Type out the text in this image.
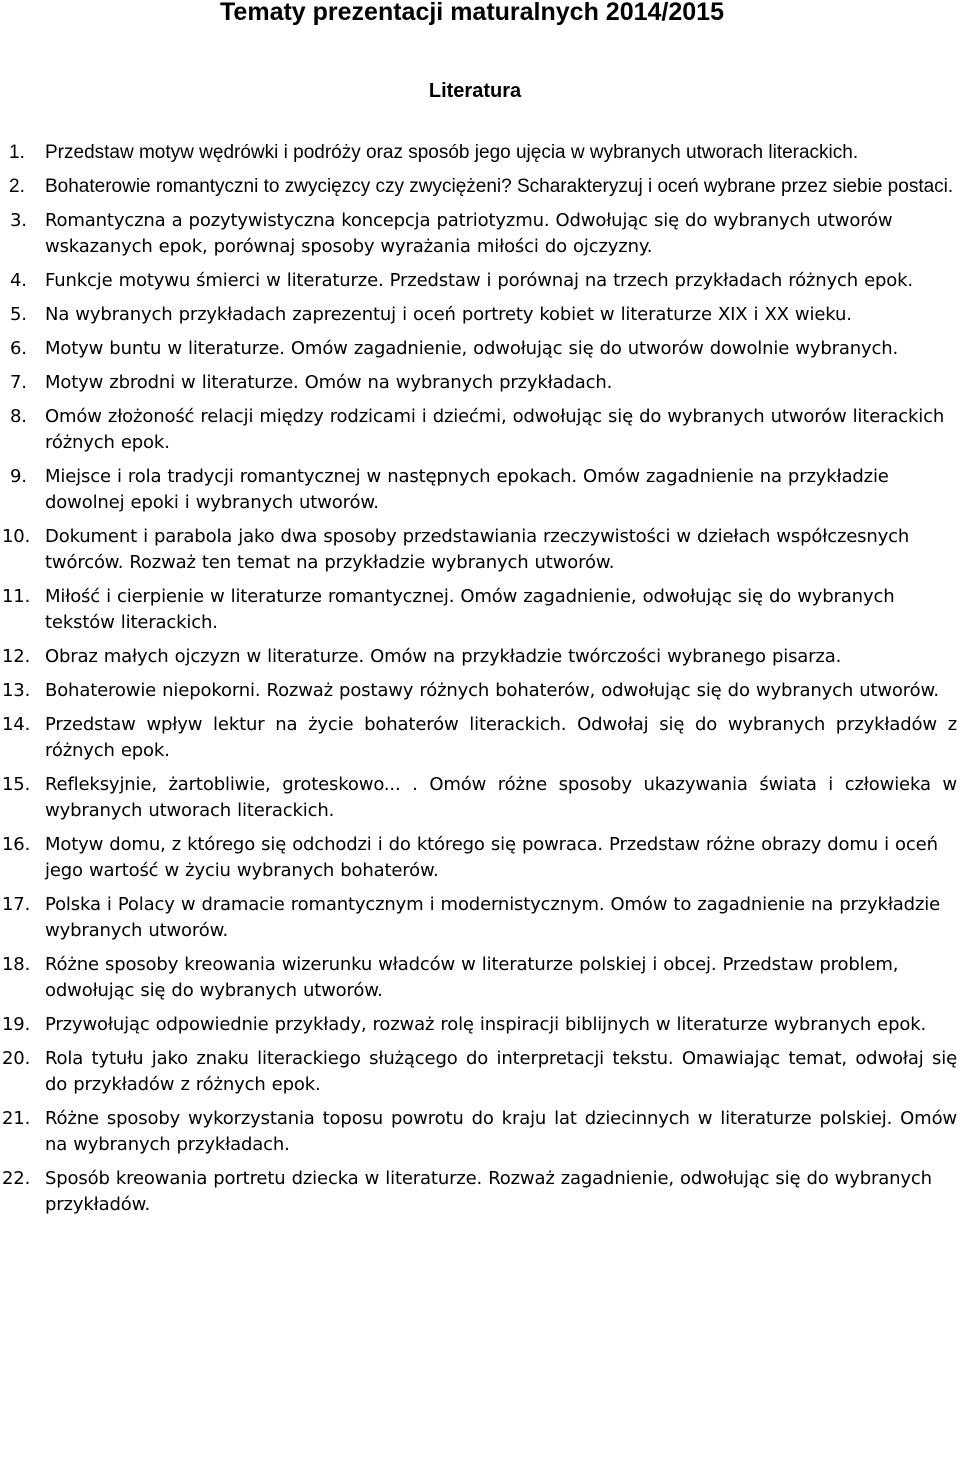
Tematy prezentacji maturalnych 2014/2015
Literatura
1. Przedstaw motyw wędrówki i podróży oraz sposób jego ujęcia w wybranych utworach literackich.
2. Bohaterowie romantyczni to zwycięzcy czy zwyciężeni? Scharakteryzuj i oceń wybrane przez siebie postaci.
3. Romantyczna a pozytywistyczna koncepcja patriotyzmu. Odwołując się do wybranych utworów wskazanych epok, porównaj sposoby wyrażania miłości do ojczyzny.
4. Funkcje motywu śmierci w literaturze. Przedstaw i porównaj na trzech przykładach różnych epok.
5. Na wybranych przykładach zaprezentuj i oceń portrety kobiet w literaturze XIX i XX wieku.
6. Motyw buntu w literaturze. Omów zagadnienie, odwołując się do utworów dowolnie wybranych.
7. Motyw zbrodni w literaturze. Omów na wybranych przykładach.
8. Omów złożoność relacji między rodzicami i dziećmi, odwołując się do wybranych utworów literackich różnych epok.
9. Miejsce i rola tradycji romantycznej w następnych epokach. Omów zagadnienie na przykładzie dowolnej epoki i wybranych utworów.
10. Dokument i parabola jako dwa sposoby przedstawiania rzeczywistości w dziełach współczesnych twórców. Rozważ ten temat na przykładzie wybranych utworów.
11. Miłość i cierpienie w literaturze romantycznej. Omów zagadnienie, odwołując się do wybranych tekstów literackich.
12. Obraz małych ojczyzn w literaturze. Omów na przykładzie twórczości wybranego pisarza.
13. Bohaterowie niepokorni. Rozważ postawy różnych bohaterów, odwołując się do wybranych utworów.
14. Przedstaw wpływ lektur na życie bohaterów literackich. Odwołaj się do wybranych przykładów z różnych epok.
15. Refleksyjnie, żartobliwie, groteskowo... . Omów różne sposoby ukazywania świata i człowieka w wybranych utworach literackich.
16. Motyw domu, z którego się odchodzi i do którego się powraca. Przedstaw różne obrazy domu i oceń jego wartość w życiu wybranych bohaterów.
17. Polska i Polacy w dramacie romantycznym i modernistycznym. Omów to zagadnienie na przykładzie wybranych utworów.
18. Różne sposoby kreowania wizerunku władców w literaturze polskiej i obcej. Przedstaw problem, odwołując się do wybranych utworów.
19. Przywołując odpowiednie przykłady, rozważ rolę inspiracji biblijnych w literaturze wybranych epok.
20. Rola tytułu jako znaku literackiego służącego do interpretacji tekstu. Omawiając temat, odwołaj się do przykładów z różnych epok.
21. Różne sposoby wykorzystania toposu powrotu do kraju lat dziecinnych w literaturze polskiej. Omów na wybranych przykładach.
22. Sposób kreowania portretu dziecka w literaturze. Rozważ zagadnienie, odwołując się do wybranych przykładów.
